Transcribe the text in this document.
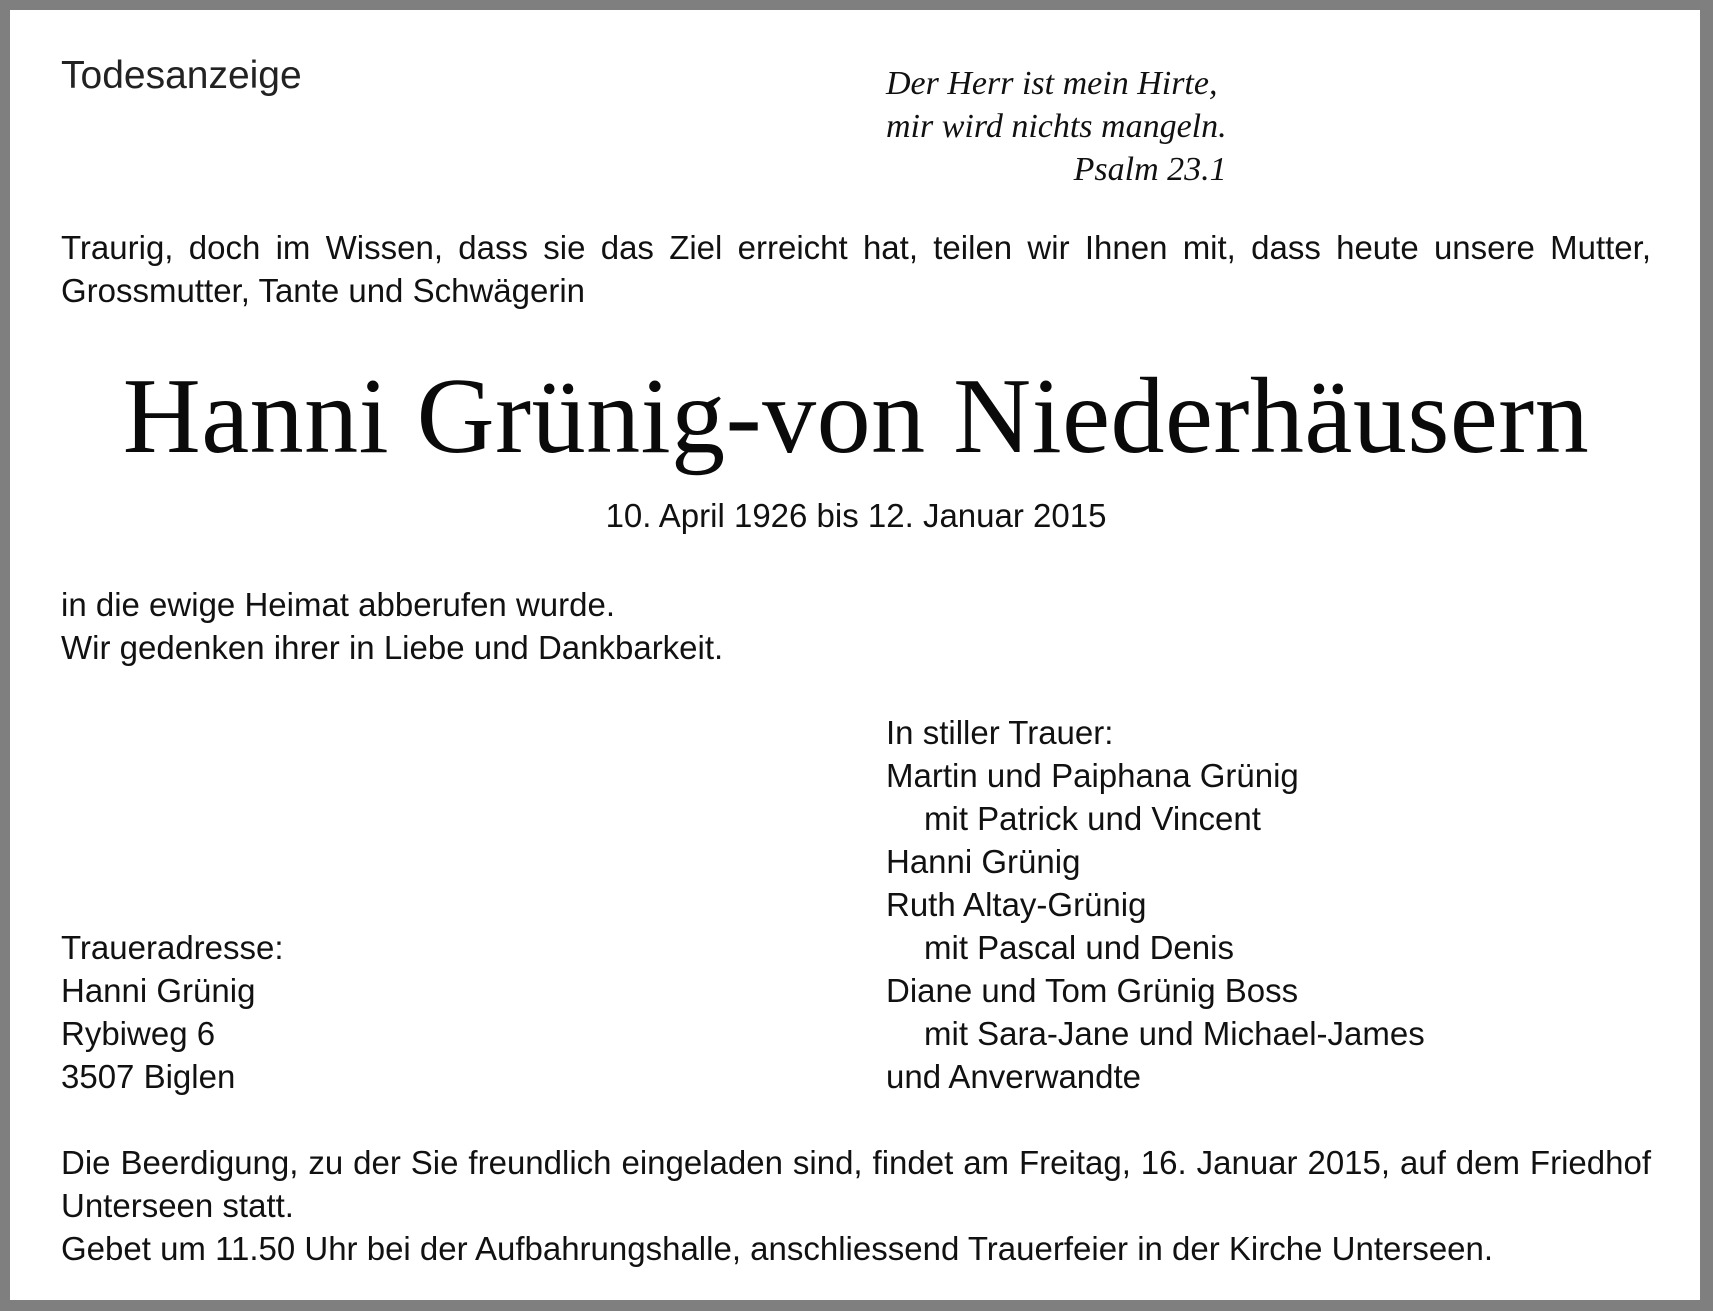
Todesanzeige	Der Herr ist mein Hirte,
mir wird nichts mangeln.
Psalm 23.1
Traurig, doch im Wissen, dass sie das Ziel erreicht hat, teilen wir Ihnen mit, dass heute unsere Mutter,
Grossmutter, Tante und Schwägerin
Hanni Grünig-von Niederhäusern
10. April 1926 bis 12. Januar 2015
in die ewige Heimat abberufen wurde.
Wir gedenken ihrer in Liebe und Dankbarkeit.
In stiller Trauer:
Martin und Paiphana Grünig
mit Patrick und Vincent
Hanni Grünig
Ruth Altay-Grünig
mit Pascal und Denis
Diane und Tom Grünig Boss
mit Sara-Jane und Michael-James
und Anverwandte
Traueradresse:
Hanni Grünig
Rybiweg 6
3507 Biglen
Die Beerdigung, zu der Sie freundlich eingeladen sind, findet am Freitag, 16. Januar 2015, auf dem Friedhof
Unterseen statt.
Gebet um 11.50 Uhr bei der Aufbahrungshalle, anschliessend Trauerfeier in der Kirche Unterseen.
